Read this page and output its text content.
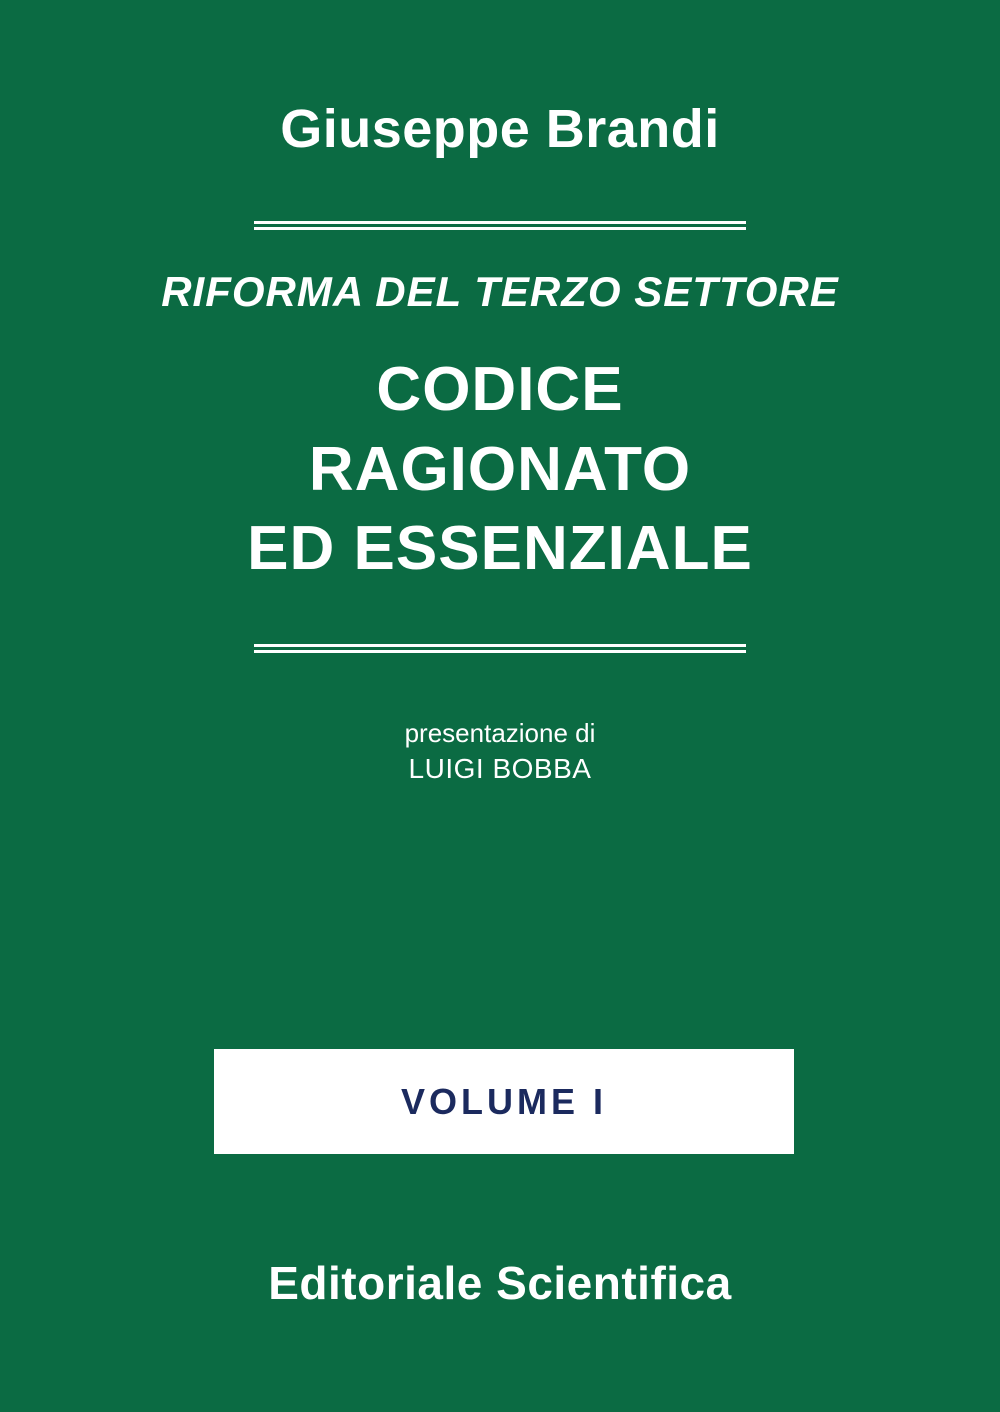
Giuseppe Brandi
RIFORMA DEL TERZO SETTORE
CODICE
RAGIONATO
ED ESSENZIALE
presentazione di
LUIGI BOBBA
VOLUME I
Editoriale Scientifica
